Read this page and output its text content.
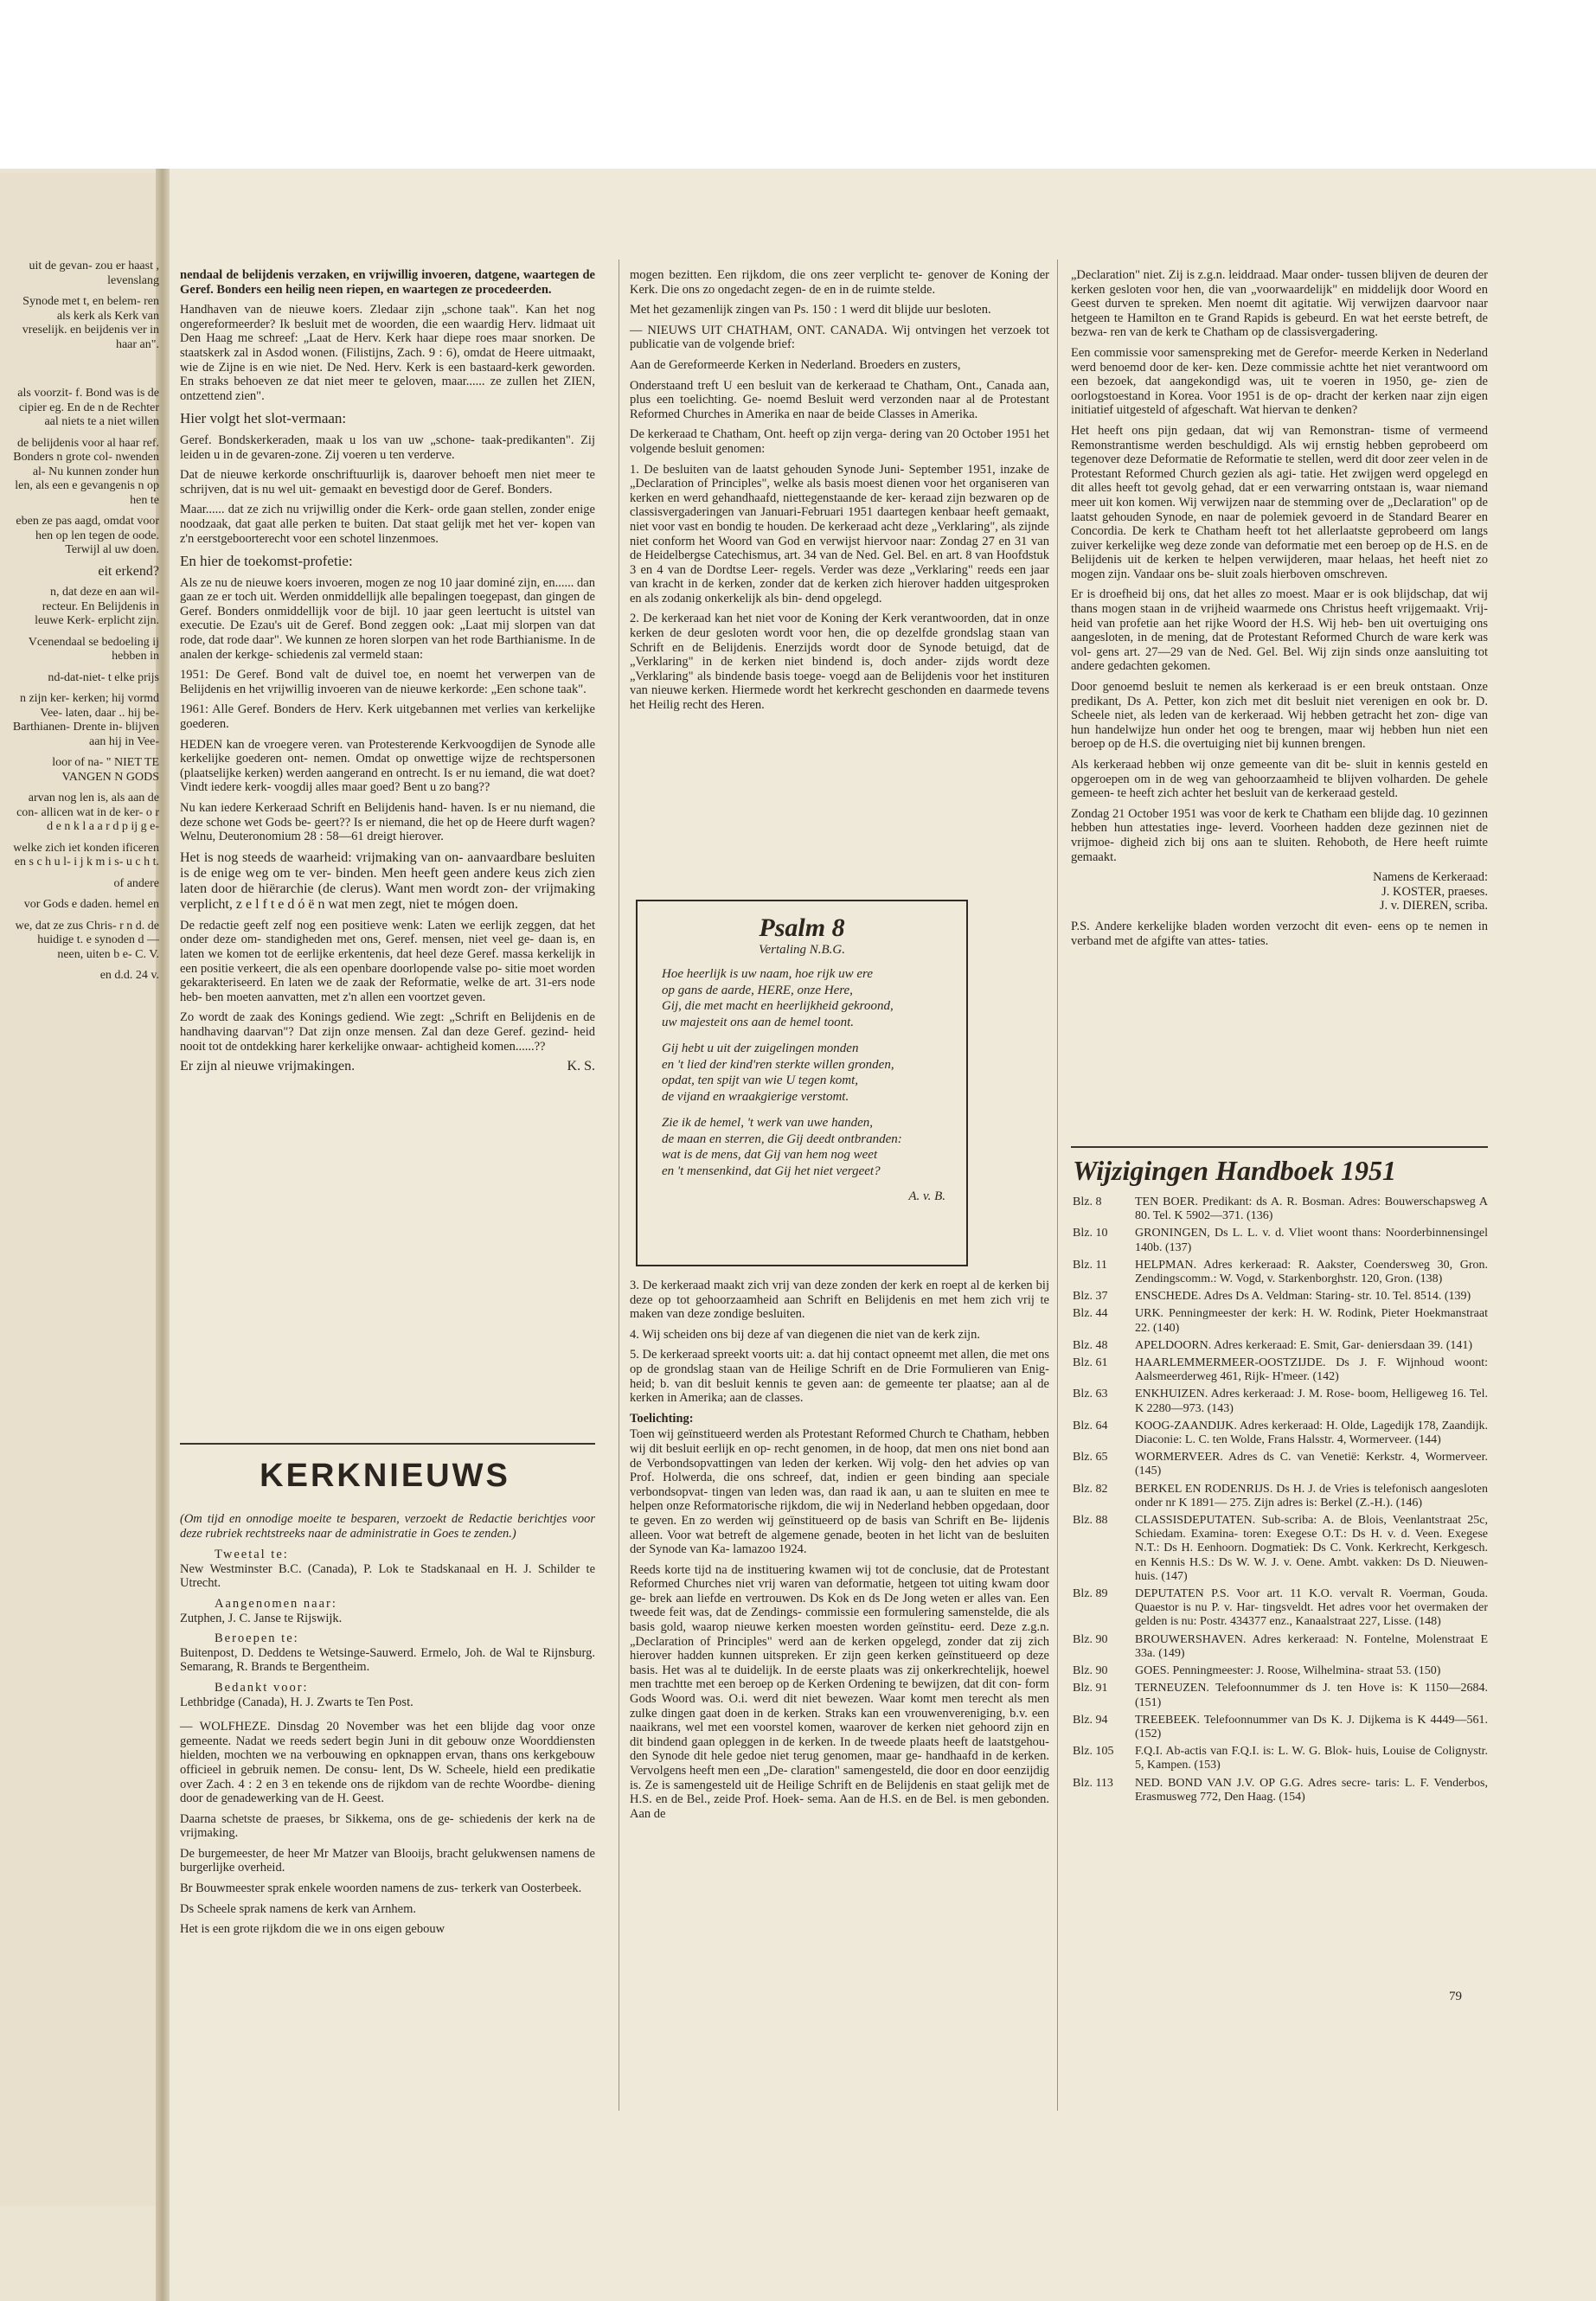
uit de gevan- zou er haast , levenslang

Synode met t, en belem- ren als kerk als Kerk van vreselijk. en beijdenis ver in haar an".

als voorzit- f. Bond was is de cipier eg. En de n de Rechter aal niets te a niet willen

de belijdenis voor al haar ref. Bonders n grote col- nwenden al- Nu kunnen zonder hun len, als een e gevangenis n op hen te

eben ze pas aagd, omdat voor hen op len tegen de oode. Terwijl al uw doen.

eit erkend?

n, dat deze en aan wil- recteur. En Belijdenis in leuwe Kerk- erplicht zijn.

Vcenendaal se bedoeling ij hebben in

nd-dat-niet- t elke prijs

n zijn ker- kerken; hij vormd Vee- laten, daar .. hij be- Barthianen- Drente in- blijven aan hij in Vee-

loor of na- " NIET TE VANGEN N GODS

arvan nog len is, als aan de con- allicen wat in de ker- o r d e n k l a a r d p ij g e-

welke zich iet konden ificeren en s c h u l- i j k m i s- u c h t.

of andere

vor Gods e daden. hemel en

we, dat ze zus Chris- r n d. de huidige t. e synoden d — neen, uiten b e- C. V.

en d.d. 24 v.

nendaal de belijdenis verzaken, en vrijwillig invoeren, datgene, waartegen de Geref. Bonders een heilig neen riepen, en waartegen ze procedeerden.

Handhaven van de nieuwe koers. Zledaar zijn „schone taak". Kan het nog ongereformeerder? Ik besluit met de woorden, die een waardig Herv. lidmaat uit Den Haag me schreef: „Laat de Herv. Kerk haar diepe roes maar snorken. De staatskerk zal in Asdod wonen. (Filistijns, Zach. 9 : 6), omdat de Heere uitmaakt, wie de Zijne is en wie niet. De Ned. Herv. Kerk is een bastaard-kerk geworden. En straks behoeven ze dat niet meer te geloven, maar...... ze zullen het ZIEN, ontzettend zien".

Hier volgt het slot-vermaan:

Geref. Bondskerkeraden, maak u los van uw „schone- taak-predikanten". Zij leiden u in de gevaren-zone. Zij voeren u ten verderve.

Dat de nieuwe kerkorde onschriftuurlijk is, daarover behoeft men niet meer te schrijven, dat is nu wel uit- gemaakt en bevestigd door de Geref. Bonders.

Maar...... dat ze zich nu vrijwillig onder die Kerk- orde gaan stellen, zonder enige noodzaak, dat gaat alle perken te buiten. Dat staat gelijk met het ver- kopen van z'n eerstgeboorterecht voor een schotel linzenmoes.

En hier de toekomst-profetie:

Als ze nu de nieuwe koers invoeren, mogen ze nog 10 jaar dominé zijn, en...... dan gaan ze er toch uit. Werden onmiddellijk alle bepalingen toegepast, dan gingen de Geref. Bonders onmiddellijk voor de bijl. 10 jaar geen leertucht is uitstel van executie. De Ezau's uit de Geref. Bond zeggen ook: „Laat mij slorpen van dat rode, dat rode daar". We kunnen ze horen slorpen van het rode Barthianisme. In de analen der kerkge- schiedenis zal vermeld staan:

1951: De Geref. Bond valt de duivel toe, en noemt het verwerpen van de Belijdenis en het vrijwillig invoeren van de nieuwe kerkorde: „Een schone taak".

1961: Alle Geref. Bonders de Herv. Kerk uitgebannen met verlies van kerkelijke goederen.

HEDEN kan de vroegere veren. van Protesterende Kerkvoogdijen de Synode alle kerkelijke goederen ont- nemen. Omdat op onwettige wijze de rechtspersonen (plaatselijke kerken) werden aangerand en ontrecht. Is er nu iemand, die wat doet? Vindt iedere kerk- voogdij alles maar goed? Bent u zo bang??

Nu kan iedere Kerkeraad Schrift en Belijdenis hand- haven. Is er nu niemand, die deze schone wet Gods be- geert?? Is er niemand, die het op de Heere durft wagen? Welnu, Deuteronomium 28 : 58—61 dreigt hierover.

Het is nog steeds de waarheid: vrijmaking van on- aanvaardbare besluiten is de enige weg om te ver- binden. Men heeft geen andere keus zich zien laten door de hiërarchie (de clerus). Want men wordt zon- der vrijmaking verplicht, z e l f t e d ó ë n wat men zegt, niet te mógen doen.

De redactie geeft zelf nog een positieve wenk: Laten we eerlijk zeggen, dat het onder deze om- standigheden met ons, Geref. mensen, niet veel ge- daan is, en laten we komen tot de eerlijke erkentenis, dat heel deze Geref. massa kerkelijk in een positie verkeert, die als een openbare doorlopende valse po- sitie moet worden gekarakteriseerd. En laten we de zaak der Reformatie, welke de art. 31-ers node heb- ben moeten aanvatten, met z'n allen een voortzet geven.

Zo wordt de zaak des Konings gediend. Wie zegt: „Schrift en Belijdenis en de handhaving daarvan"? Dat zijn onze mensen. Zal dan deze Geref. gezind- heid nooit tot de ontdekking harer kerkelijke onwaar- achtigheid komen......??

Er zijn al nieuwe vrijmakingen.	K. S.

KERKNIEUWS

(Om tijd en onnodige moeite te besparen, verzoekt de Redactie berichtjes voor deze rubriek rechtstreeks naar de administratie in Goes te zenden.)

Tweetal te:

New Westminster B.C. (Canada), P. Lok te Stadskanaal en H. J. Schilder te Utrecht.

Aangenomen naar:

Zutphen, J. C. Janse te Rijswijk.

Beroepen te:

Buitenpost, D. Deddens te Wetsinge-Sauwerd. Ermelo, Joh. de Wal te Rijnsburg. Semarang, R. Brands te Bergentheim.

Bedankt voor:

Lethbridge (Canada), H. J. Zwarts te Ten Post.

— WOLFHEZE. Dinsdag 20 November was het een blijde dag voor onze gemeente. Nadat we reeds sedert begin Juni in dit gebouw onze Woorddiensten hielden, mochten we na verbouwing en opknappen ervan, thans ons kerkgebouw officieel in gebruik nemen. De consu- lent, Ds W. Scheele, hield een predikatie over Zach. 4 : 2 en 3 en tekende ons de rijkdom van de rechte Woordbe- diening door de genadewerking van de H. Geest.

Daarna schetste de praeses, br Sikkema, ons de ge- schiedenis der kerk na de vrijmaking.

De burgemeester, de heer Mr Matzer van Blooijs, bracht gelukwensen namens de burgerlijke overheid.

Br Bouwmeester sprak enkele woorden namens de zus- terkerk van Oosterbeek.

Ds Scheele sprak namens de kerk van Arnhem.

Het is een grote rijkdom die we in ons eigen gebouw

mogen bezitten. Een rijkdom, die ons zeer verplicht te- genover de Koning der Kerk. Die ons zo ongedacht zegen- de en in de ruimte stelde.

Met het gezamenlijk zingen van Ps. 150 : 1 werd dit blijde uur besloten.

— NIEUWS UIT CHATHAM, ONT. CANADA. Wij ontvingen het verzoek tot publicatie van de volgende brief:

Aan de Gereformeerde Kerken in Nederland. Broeders en zusters,

Onderstaand treft U een besluit van de kerkeraad te Chatham, Ont., Canada aan, plus een toelichting. Ge- noemd Besluit werd verzonden naar al de Protestant Reformed Churches in Amerika en naar de beide Classes in Amerika.

De kerkeraad te Chatham, Ont. heeft op zijn verga- dering van 20 October 1951 het volgende besluit genomen:

1. De besluiten van de laatst gehouden Synode Juni- September 1951, inzake de „Declaration of Principles", welke als basis moest dienen voor het organiseren van kerken en werd gehandhaafd, niettegenstaande de ker- keraad zijn bezwaren op de classisvergaderingen van Januari-Februari 1951 daartegen kenbaar heeft gemaakt, niet voor vast en bondig te houden. De kerkeraad acht deze „Verklaring", als zijnde niet conform het Woord van God en verwijst hiervoor naar: Zondag 27 en 31 van de Heidelbergse Catechismus, art. 34 van de Ned. Gel. Bel. en art. 8 van Hoofdstuk 3 en 4 van de Dordtse Leer- regels. Verder was deze „Verklaring" reeds een jaar van kracht in de kerken, zonder dat de kerken zich hierover hadden uitgesproken en als zodanig onkerkelijk als bin- dend opgelegd.

2. De kerkeraad kan het niet voor de Koning der Kerk verantwoorden, dat in onze kerken de deur gesloten wordt voor hen, die op dezelfde grondslag staan van Schrift en de Belijdenis. Enerzijds wordt door de Synode betuigd, dat de „Verklaring" in de kerken niet bindend is, doch ander- zijds wordt deze „Verklaring" als bindende basis toege- voegd aan de Belijdenis voor het instituren van nieuwe kerken. Hiermede wordt het kerkrecht geschonden en daarmede tevens het Heilig recht des Heren.

Psalm 8
Vertaling N.B.G.
Hoe heerlijk is uw naam, hoe rijk uw ere
op gans de aarde, HERE, onze Here,
Gij, die met macht en heerlijkheid gekroond,
uw majesteit ons aan de hemel toont.
Gij hebt u uit der zuigelingen monden
en 't lied der kind'ren sterkte willen gronden,
opdat, ten spijt van wie U tegen komt,
de vijand en wraakgierige verstomt.
Zie ik de hemel, 't werk van uwe handen,
de maan en sterren, die Gij deedt ontbranden:
wat is de mens, dat Gij van hem nog weet
en 't mensenkind, dat Gij het niet vergeet?
A. v. B.

3. De kerkeraad maakt zich vrij van deze zonden der kerk en roept al de kerken bij deze op tot gehoorzaamheid aan Schrift en Belijdenis en met hem zich vrij te maken van deze zondige besluiten.

4. Wij scheiden ons bij deze af van diegenen die niet van de kerk zijn.

5. De kerkeraad spreekt voorts uit: a. dat hij contact opneemt met allen, die met ons op de grondslag staan van de Heilige Schrift en de Drie Formulieren van Enig- heid; b. van dit besluit kennis te geven aan: de gemeente ter plaatse; aan al de kerken in Amerika; aan de classes.

Toelichting:

Toen wij geïnstitueerd werden als Protestant Reformed Church te Chatham, hebben wij dit besluit eerlijk en op- recht genomen, in de hoop, dat men ons niet bond aan de Verbondsopvattingen van leden der kerken. Wij volg- den het advies op van Prof. Holwerda, die ons schreef, dat, indien er geen binding aan speciale verbondsopvat- tingen van leden was, dan raad ik aan, u aan te sluiten en mee te helpen onze Reformatorische rijkdom, die wij in Nederland hebben opgedaan, door te geven. En zo werden wij geïnstitueerd op de basis van Schrift en Be- lijdenis alleen. Voor wat betreft de algemene genade, beoten in het licht van de besluiten der Synode van Ka- lamazoo 1924.

Reeds korte tijd na de instituering kwamen wij tot de conclusie, dat de Protestant Reformed Churches niet vrij waren van deformatie, hetgeen tot uiting kwam door ge- brek aan liefde en vertrouwen. Ds Kok en ds De Jong weten er alles van. Een tweede feit was, dat de Zendings- commissie een formulering samenstelde, die als basis gold, waarop nieuwe kerken moesten worden geïnstitu- eerd. Deze z.g.n. „Declaration of Principles" werd aan de kerken opgelegd, zonder dat zij zich hierover hadden kunnen uitspreken. Er zijn geen kerken geïnstitueerd op deze basis. Het was al te duidelijk. In de eerste plaats was zij onkerkrechtelijk, hoewel men trachtte met een beroep op de Kerken Ordening te bewijzen, dat dit con- form Gods Woord was. O.i. werd dit niet bewezen. Waar komt men terecht als men zulke dingen gaat doen in de kerken. Straks kan een vrouwenvereniging, b.v. een naaikrans, wel met een voorstel komen, waarover de kerken niet gehoord zijn en dit bindend gaan opleggen in de kerken. In de tweede plaats heeft de laatstgehou- den Synode dit hele gedoe niet terug genomen, maar ge- handhaafd in de kerken. Vervolgens heeft men een „De- claration" samengesteld, die door en door eenzijdig is. Ze is samengesteld uit de Heilige Schrift en de Belijdenis en staat gelijk met de H.S. en de Bel., zeide Prof. Hoek- sema. Aan de H.S. en de Bel. is men gebonden. Aan de

„Declaration" niet. Zij is z.g.n. leiddraad. Maar onder- tussen blijven de deuren der kerken gesloten voor hen, die van „voorwaardelijk" en middelijk door Woord en Geest durven te spreken. Men noemt dit agitatie. Wij verwijzen daarvoor naar hetgeen te Hamilton en te Grand Rapids is gebeurd. En wat het eerste betreft, de bezwa- ren van de kerk te Chatham op de classisvergadering.

Een commissie voor samenspreking met de Gerefor- meerde Kerken in Nederland werd benoemd door de ker- ken. Deze commissie achtte het niet verantwoord om een bezoek, dat aangekondigd was, uit te voeren in 1950, ge- zien de oorlogstoestand in Korea. Voor 1951 is de op- dracht der kerken naar zijn eigen initiatief uitgesteld of afgeschaft. Wat hiervan te denken?

Het heeft ons pijn gedaan, dat wij van Remonstran- tisme of vermeend Remonstrantisme werden beschuldigd. Als wij ernstig hebben geprobeerd om tegenover deze Deformatie de Reformatie te stellen, werd dit door zeer velen in de Protestant Reformed Church gezien als agi- tatie. Het zwijgen werd opgelegd en dit alles heeft tot gevolg gehad, dat er een verwarring ontstaan is, waar niemand meer uit kon komen. Wij verwijzen naar de stemming over de „Declaration" op de laatst gehouden Synode, en naar de polemiek gevoerd in de Standard Bearer en Concordia. De kerk te Chatham heeft tot het allerlaatste geprobeerd om langs zuiver kerkelijke weg deze zonde van deformatie met een beroep op de H.S. en de Belijdenis uit de kerken te helpen verwijderen, maar helaas, het heeft niet zo mogen zijn. Vandaar ons be- sluit zoals hierboven omschreven.

Er is droefheid bij ons, dat het alles zo moest. Maar er is ook blijdschap, dat wij thans mogen staan in de vrijheid waarmede ons Christus heeft vrijgemaakt. Vrij- heid van profetie aan het rijke Woord der H.S. Wij heb- ben uit overtuiging ons aangesloten, in de mening, dat de Protestant Reformed Church de ware kerk was vol- gens art. 27—29 van de Ned. Gel. Bel. Wij zijn sinds onze aansluiting tot andere gedachten gekomen.

Door genoemd besluit te nemen als kerkeraad is er een breuk ontstaan. Onze predikant, Ds A. Petter, kon zich met dit besluit niet verenigen en ook br. D. Scheele niet, als leden van de kerkeraad. Wij hebben getracht het zon- dige van hun handelwijze hun onder het oog te brengen, maar wij hebben hun niet een beroep op de H.S. die overtuiging niet bij kunnen brengen.

Als kerkeraad hebben wij onze gemeente van dit be- sluit in kennis gesteld en opgeroepen om in de weg van gehoorzaamheid te blijven volharden. De gehele gemeen- te heeft zich achter het besluit van de kerkeraad gesteld.

Zondag 21 October 1951 was voor de kerk te Chatham een blijde dag. 10 gezinnen hebben hun attestaties inge- leverd. Voorheen hadden deze gezinnen niet de vrijmoe- digheid zich bij ons aan te sluiten. Rehoboth, de Here heeft ruimte gemaakt.

Namens de Kerkeraad:

J. KOSTER, praeses.

J. v. DIEREN, scriba.

P.S. Andere kerkelijke bladen worden verzocht dit even- eens op te nemen in verband met de afgifte van attes- taties.

Wijzigingen Handboek 1951
Blz. 8	TEN BOER. Predikant: ds A. R. Bosman. Adres: Bouwerschapsweg A 80. Tel. K 5902—371. (136)
Blz. 10	GRONINGEN, Ds L. L. v. d. Vliet woont thans: Noorderbinnensingel 140b. (137)
Blz. 11	HELPMAN. Adres kerkeraad: R. Aakster, Coendersweg 30, Gron. Zendingscomm.: W. Vogd, v. Starkenborghstr. 120, Gron. (138)
Blz. 37	ENSCHEDE. Adres Ds A. Veldman: Staring- str. 10. Tel. 8514. (139)
Blz. 44	URK. Penningmeester der kerk: H. W. Rodink, Pieter Hoekmanstraat 22. (140)
Blz. 48	APELDOORN. Adres kerkeraad: E. Smit, Gar- deniersdaan 39. (141)
Blz. 61	HAARLEMMERMEER-OOSTZIJDE. Ds J. F. Wijnhoud woont: Aalsmeerderweg 461, Rijk- H'meer. (142)
Blz. 63	ENKHUIZEN. Adres kerkeraad: J. M. Rose- boom, Helligeweg 16. Tel. K 2280—973. (143)
Blz. 64	KOOG-ZAANDIJK. Adres kerkeraad: H. Olde, Lagedijk 178, Zaandijk. Diaconie: L. C. ten Wolde, Frans Halsstr. 4, Wormerveer. (144)
Blz. 65	WORMERVEER. Adres ds C. van Venetië: Kerkstr. 4, Wormerveer. (145)
Blz. 82	BERKEL EN RODENRIJS. Ds H. J. de Vries is telefonisch aangesloten onder nr K 1891— 275. Zijn adres is: Berkel (Z.-H.). (146)
Blz. 88	CLASSISDEPUTATEN. Sub-scriba: A. de Blois, Veenlantstraat 25c, Schiedam. Examina- toren: Exegese O.T.: Ds H. v. d. Veen. Exegese N.T.: Ds H. Eenhoorn. Dogmatiek: Ds C. Vonk. Kerkrecht, Kerkgesch. en Kennis H.S.: Ds W. W. J. v. Oene. Ambt. vakken: Ds D. Nieuwen- huis. (147)
Blz. 89	DEPUTATEN P.S. Voor art. 11 K.O. vervalt R. Voerman, Gouda. Quaestor is nu P. v. Har- tingsveldt. Het adres voor het overmaken der gelden is nu: Postr. 434377 enz., Kanaalstraat 227, Lisse. (148)
Blz. 90	BROUWERSHAVEN. Adres kerkeraad: N. Fontelne, Molenstraat E 33a. (149)
Blz. 90	GOES. Penningmeester: J. Roose, Wilhelmina- straat 53. (150)
Blz. 91	TERNEUZEN. Telefoonnummer ds J. ten Hove is: K 1150—2684. (151)
Blz. 94	TREEBEEK. Telefoonnummer van Ds K. J. Dijkema is K 4449—561. (152)
Blz. 105	F.Q.I. Ab-actis van F.Q.I. is: L. W. G. Blok- huis, Louise de Colignystr. 5, Kampen. (153)
Blz. 113	NED. BOND VAN J.V. OP G.G. Adres secre- taris: L. F. Venderbos, Erasmusweg 772, Den Haag. (154)
79
